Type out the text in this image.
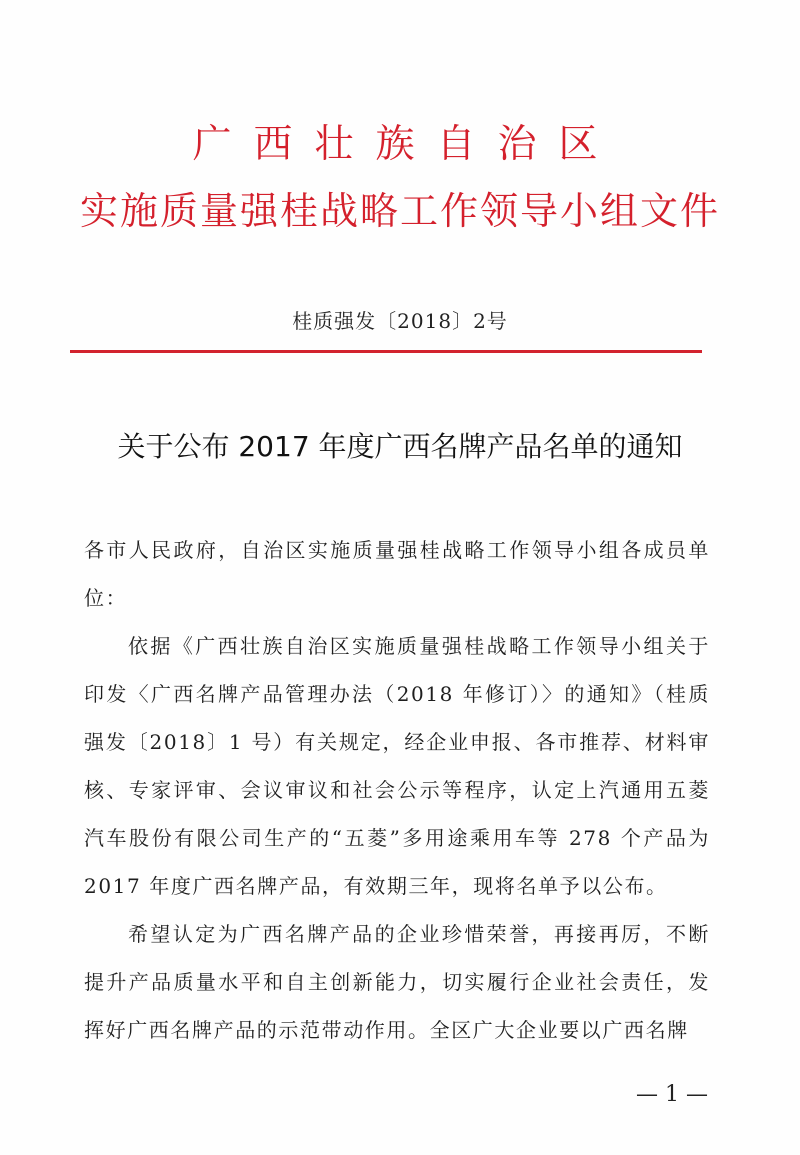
广西壮族自治区
实施质量强桂战略工作领导小组文件
桂质强发〔2018〕2号
关于公布 2017 年度广西名牌产品名单的通知

各市人民政府，自治区实施质量强桂战略工作领导小组各成员单位：

依据《广西壮族自治区实施质量强桂战略工作领导小组关于印发〈广西名牌产品管理办法（2018 年修订）〉的通知》（桂质强发〔2018〕1 号）有关规定，经企业申报、各市推荐、材料审核、专家评审、会议审议和社会公示等程序，认定上汽通用五菱汽车股份有限公司生产的“五菱”多用途乘用车等 278 个产品为 2017 年度广西名牌产品，有效期三年，现将名单予以公布。

希望认定为广西名牌产品的企业珍惜荣誉，再接再厉，不断提升产品质量水平和自主创新能力，切实履行企业社会责任，发挥好广西名牌产品的示范带动作用。全区广大企业要以广西名牌

— 1 —
